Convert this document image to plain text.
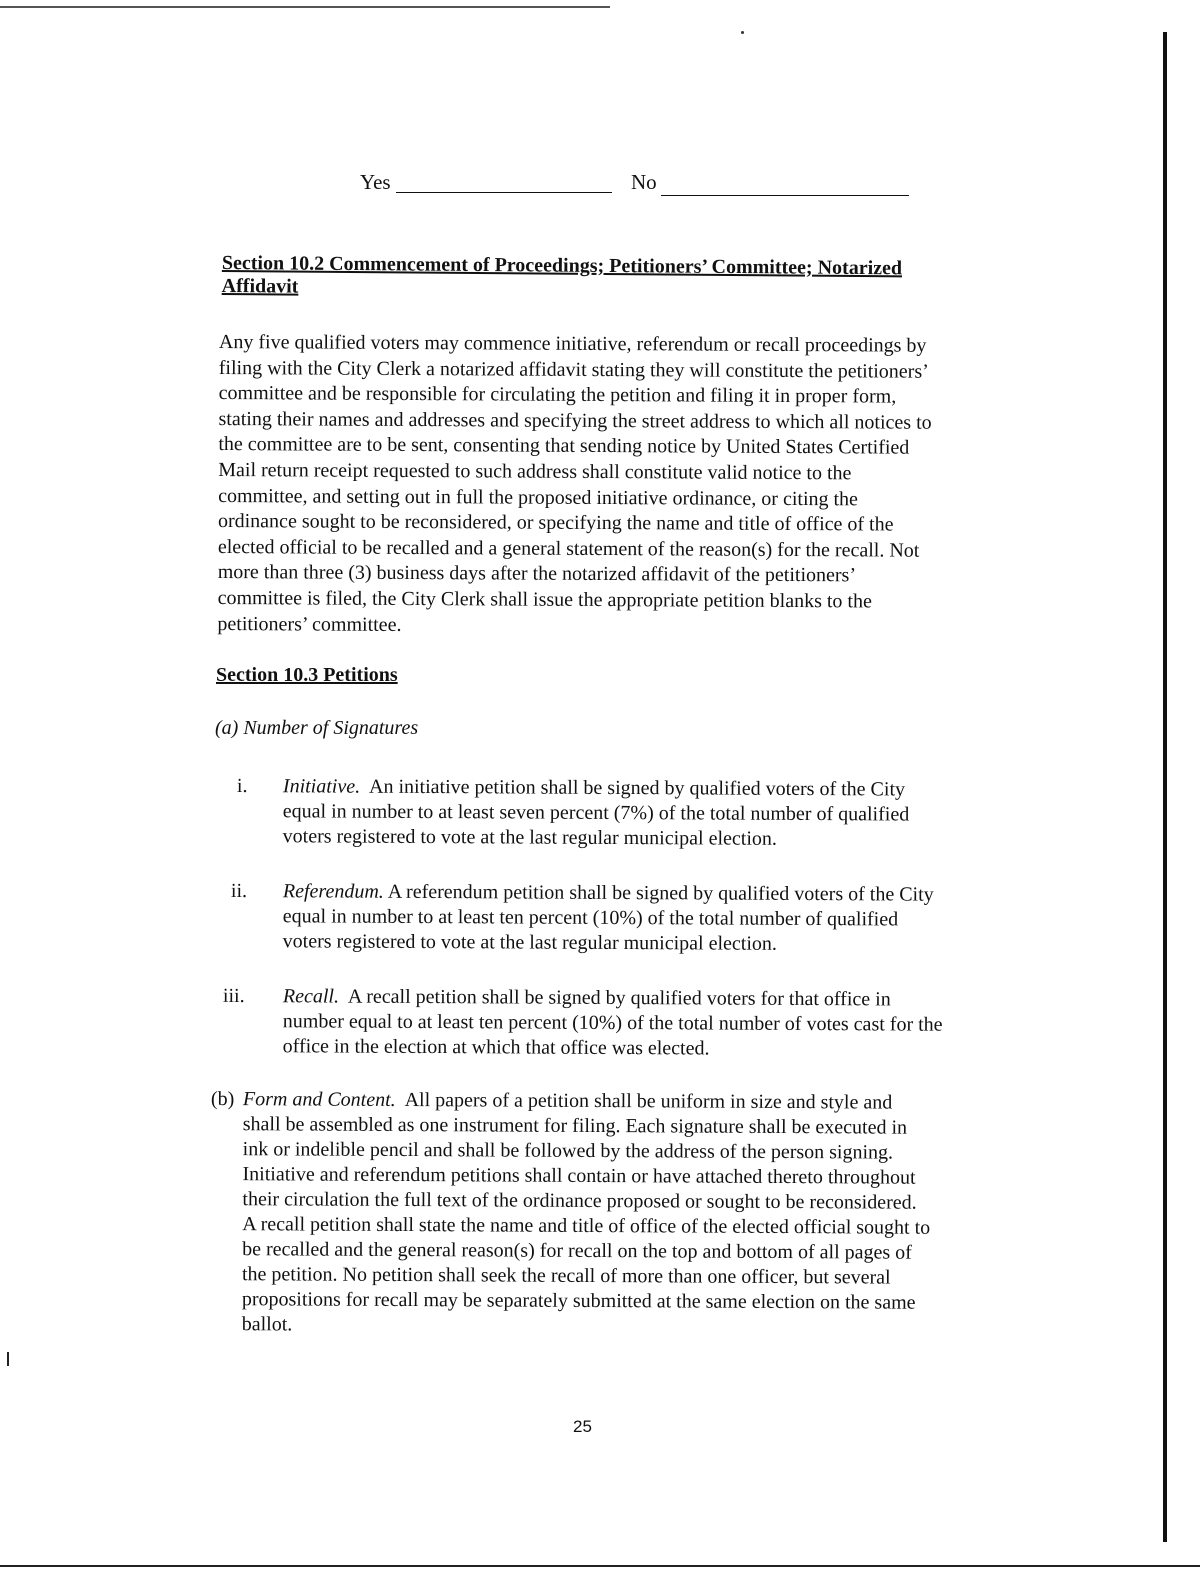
Yes	No
Section 10.2 Commencement of Proceedings; Petitioners’ Committee; Notarized
Affidavit
Any five qualified voters may commence initiative, referendum or recall proceedings by
filing with the City Clerk a notarized affidavit stating they will constitute the petitioners’
committee and be responsible for circulating the petition and filing it in proper form,
stating their names and addresses and specifying the street address to which all notices to
the committee are to be sent, consenting that sending notice by United States Certified
Mail return receipt requested to such address shall constitute valid notice to the
committee, and setting out in full the proposed initiative ordinance, or citing the
ordinance sought to be reconsidered, or specifying the name and title of office of the
elected official to be recalled and a general statement of the reason(s) for the recall. Not
more than three (3) business days after the notarized affidavit of the petitioners’
committee is filed, the City Clerk shall issue the appropriate petition blanks to the
petitioners’ committee.
Section 10.3 Petitions
(a) Number of Signatures
i. Initiative.  An initiative petition shall be signed by qualified voters of the City
equal in number to at least seven percent (7%) of the total number of qualified
voters registered to vote at the last regular municipal election.
ii. Referendum. A referendum petition shall be signed by qualified voters of the City
equal in number to at least ten percent (10%) of the total number of qualified
voters registered to vote at the last regular municipal election.
iii. Recall.  A recall petition shall be signed by qualified voters for that office in
number equal to at least ten percent (10%) of the total number of votes cast for the
office in the election at which that office was elected.
(b) Form and Content.  All papers of a petition shall be uniform in size and style and
shall be assembled as one instrument for filing. Each signature shall be executed in
ink or indelible pencil and shall be followed by the address of the person signing.
Initiative and referendum petitions shall contain or have attached thereto throughout
their circulation the full text of the ordinance proposed or sought to be reconsidered.
A recall petition shall state the name and title of office of the elected official sought to
be recalled and the general reason(s) for recall on the top and bottom of all pages of
the petition. No petition shall seek the recall of more than one officer, but several
propositions for recall may be separately submitted at the same election on the same
ballot.
25
